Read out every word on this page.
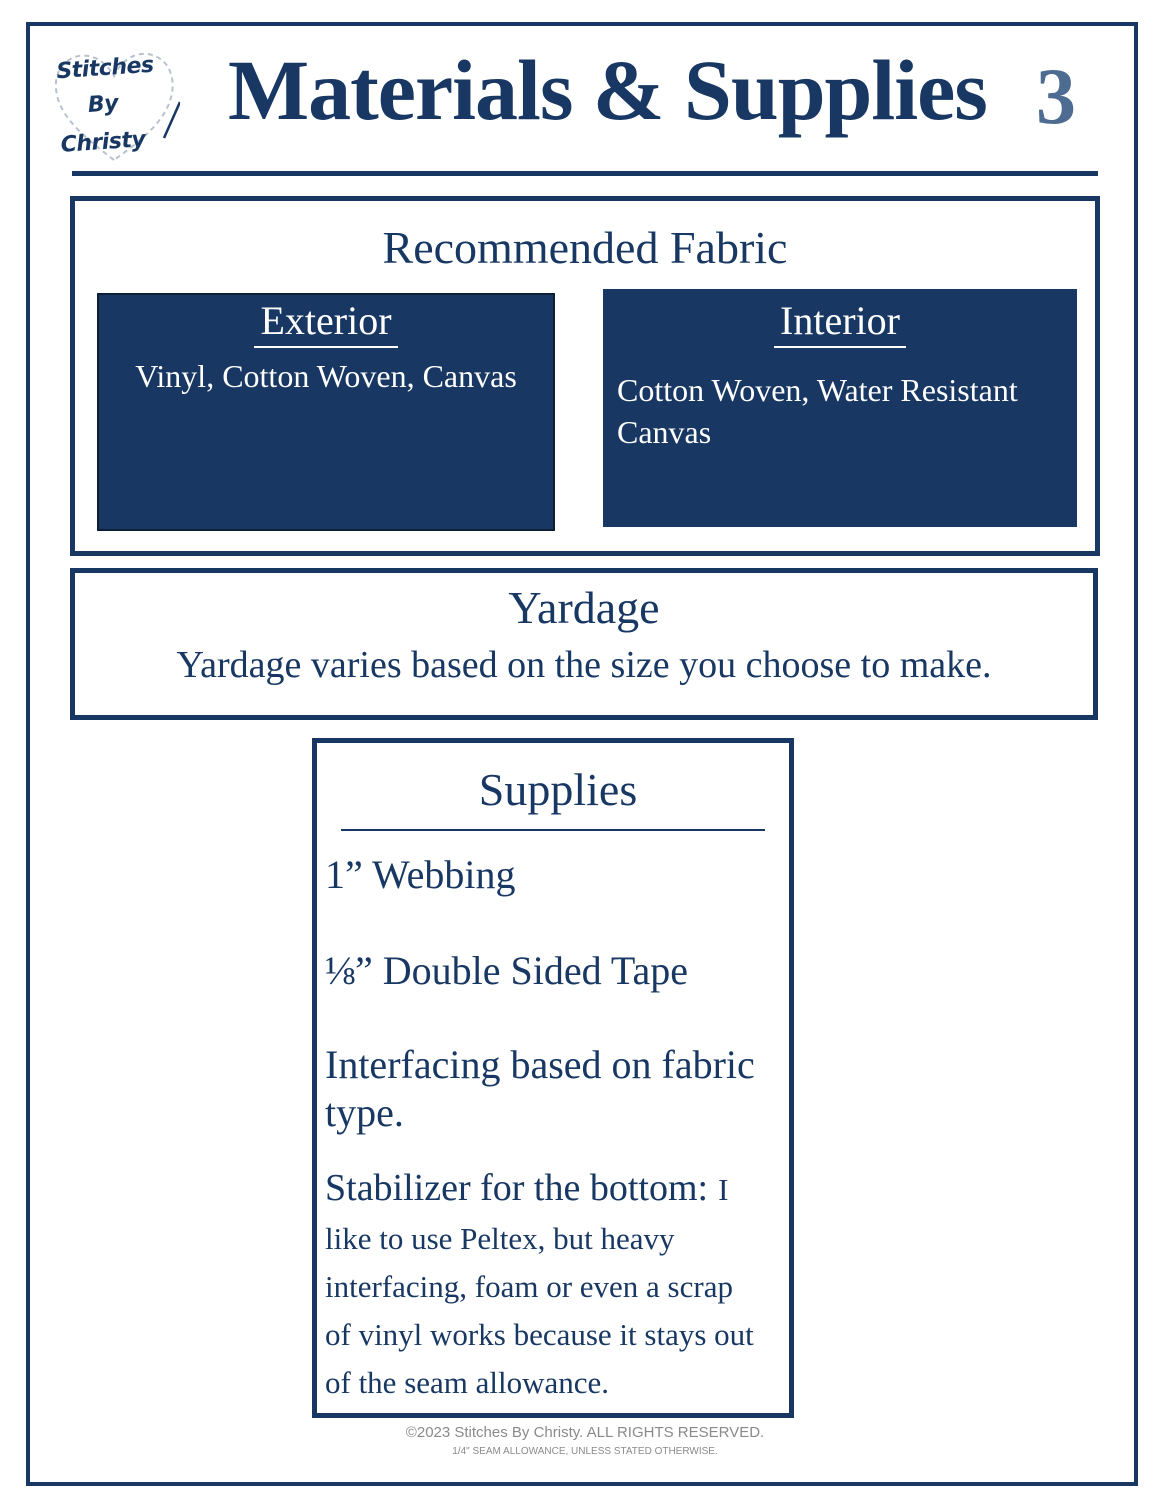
Stitches
By
Christy
Materials & Supplies 3
Recommended Fabric
Exterior
Vinyl, Cotton Woven, Canvas
Interior
Cotton Woven, Water Resistant Canvas
Yardage
Yardage varies based on the size you choose to make.
Supplies
1” Webbing
⅛” Double Sided Tape
Interfacing based on fabric type.
Stabilizer for the bottom: I like to use Peltex, but heavy interfacing, foam or even a scrap of vinyl works because it stays out of the seam allowance.
©2023 Stitches By Christy. ALL RIGHTS RESERVED.
1/4" SEAM ALLOWANCE, UNLESS STATED OTHERWISE.
